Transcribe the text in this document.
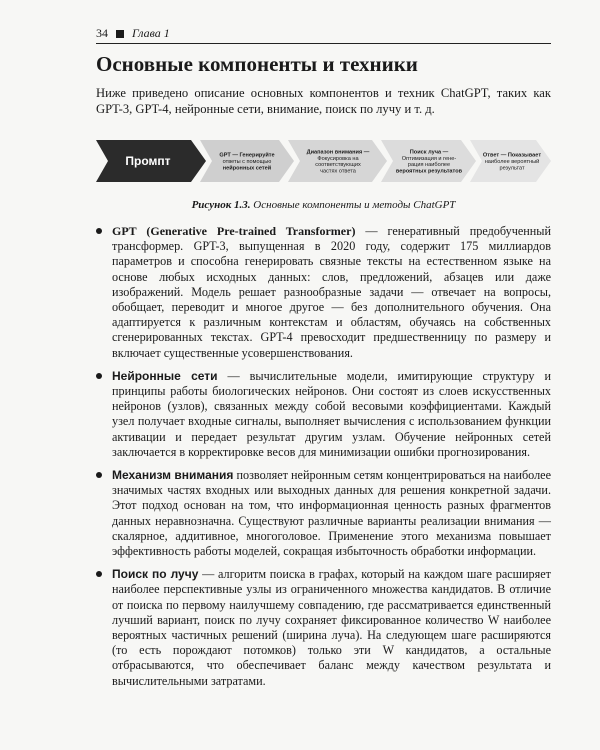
34 Глава 1
Основные компоненты и техники
Ниже приведено описание основных компонентов и техник ChatGPT, таких как GPT-3, GPT-4, нейронные сети, внимание, поиск по лучу и т. д.
Промпт	GPT — Генерируйте ответы с помощью нейронных сетей
Диапазон внимания — Фокусировка на соответствующих частях ответа
Поиск луча — Оптимизация и гене-рация наиболее вероятных результатов
Ответ — Показывает наиболее вероятный результат
Рисунок 1.3. Основные компоненты и методы ChatGPT
GPT (Generative Pre-trained Transformer) — генеративный предобученный трансформер. GPT-3, выпущенная в 2020 году, содержит 175 миллиардов параметров и способна генерировать связные тексты на естественном языке на основе любых исходных данных: слов, предложений, абзацев или даже изображений. Модель решает разнообразные задачи — отвечает на вопросы, обобщает, переводит и многое другое — без дополнительного обучения. Она адаптируется к различным контекстам и областям, обучаясь на собственных сгенерированных текстах. GPT-4 превосходит предшественницу по размеру и включает существенные усовершенствования.
Нейронные сети — вычислительные модели, имитирующие структуру и принципы работы биологических нейронов. Они состоят из слоев искусственных нейронов (узлов), связанных между собой весовыми коэффициентами. Каждый узел получает входные сигналы, выполняет вычисления с использованием функции активации и передает результат другим узлам. Обучение нейронных сетей заключается в корректировке весов для минимизации ошибки прогнозирования.
Механизм внимания позволяет нейронным сетям концентрироваться на наиболее значимых частях входных или выходных данных для решения конкретной задачи. Этот подход основан на том, что информационная ценность разных фрагментов данных неравнозначна. Существуют различные варианты реализации внимания — скалярное, аддитивное, многоголовое. Применение этого механизма повышает эффективность работы моделей, сокращая избыточность обработки информации.
Поиск по лучу — алгоритм поиска в графах, который на каждом шаге расширяет наиболее перспективные узлы из ограниченного множества кандидатов. В отличие от поиска по первому наилучшему совпадению, где рассматривается единственный лучший вариант, поиск по лучу сохраняет фиксированное количество W наиболее вероятных частичных решений (ширина луча). На следующем шаге расширяются (то есть порождают потомков) только эти W кандидатов, а остальные отбрасываются, что обеспечивает баланс между качеством результата и вычислительными затратами.
